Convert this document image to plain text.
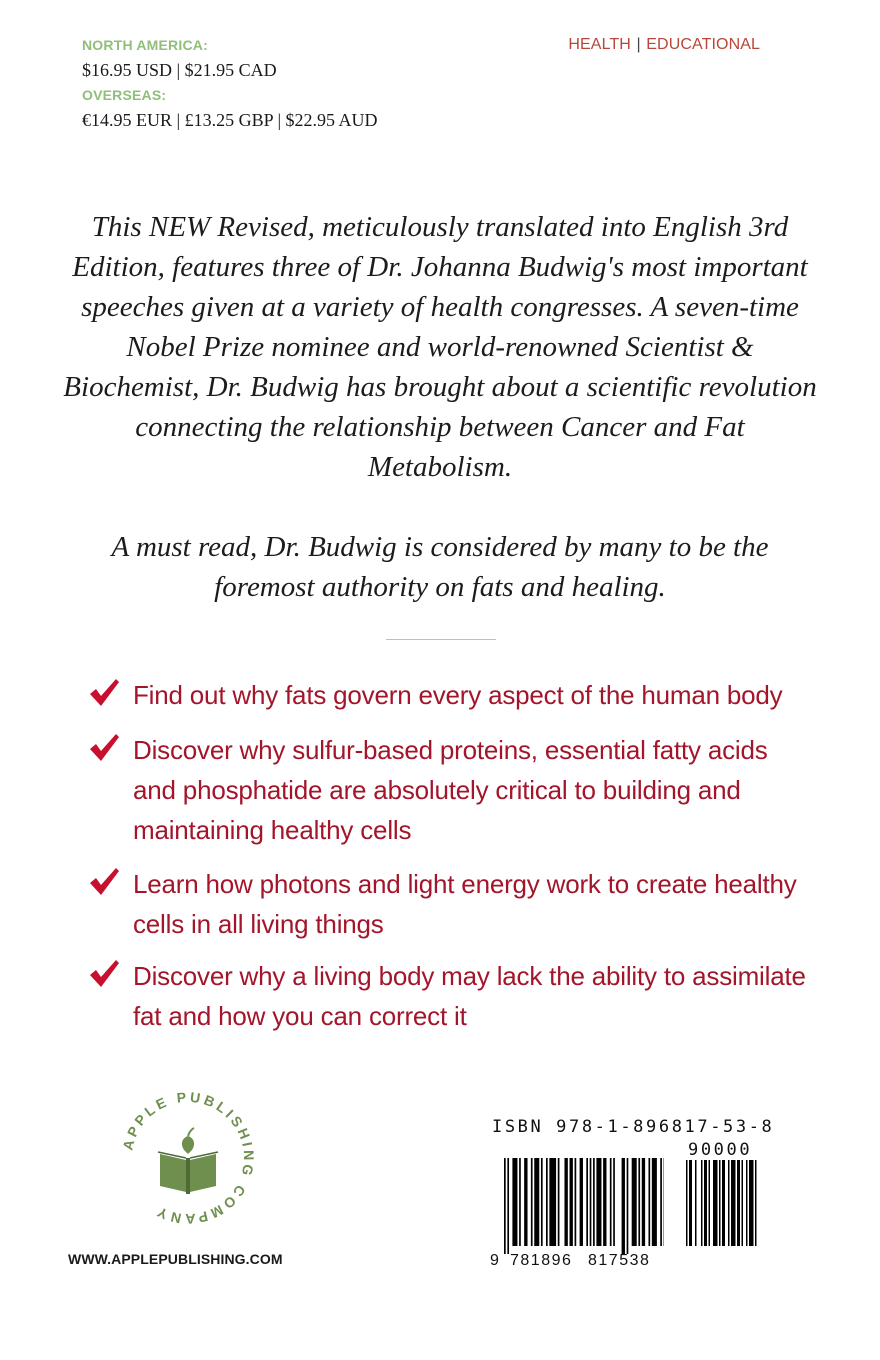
NORTH AMERICA:
$16.95 USD | $21.95 CAD
OVERSEAS:
€14.95 EUR | £13.25 GBP | $22.95 AUD
HEALTH | EDUCATIONAL
This NEW Revised, meticulously translated into English 3rd Edition, features three of Dr. Johanna Budwig's most important speeches given at a variety of health congresses. A seven-time Nobel Prize nominee and world-renowned Scientist & Biochemist, Dr. Budwig has brought about a scientific revolution connecting the relationship between Cancer and Fat Metabolism.
A must read, Dr. Budwig is considered by many to be the foremost authority on fats and healing.
Find out why fats govern every aspect of the human body
Discover why sulfur-based proteins, essential fatty acids and phosphatide are absolutely critical to building and maintaining healthy cells
Learn how photons and light energy work to create healthy cells in all living things
Discover why a living body may lack the ability to assimilate fat and how you can correct it
APPLE PUBLISHING COMPANY
WWW.APPLEPUBLISHING.COM
ISBN 978-1-896817-53-8
90000
9 781896 817538
